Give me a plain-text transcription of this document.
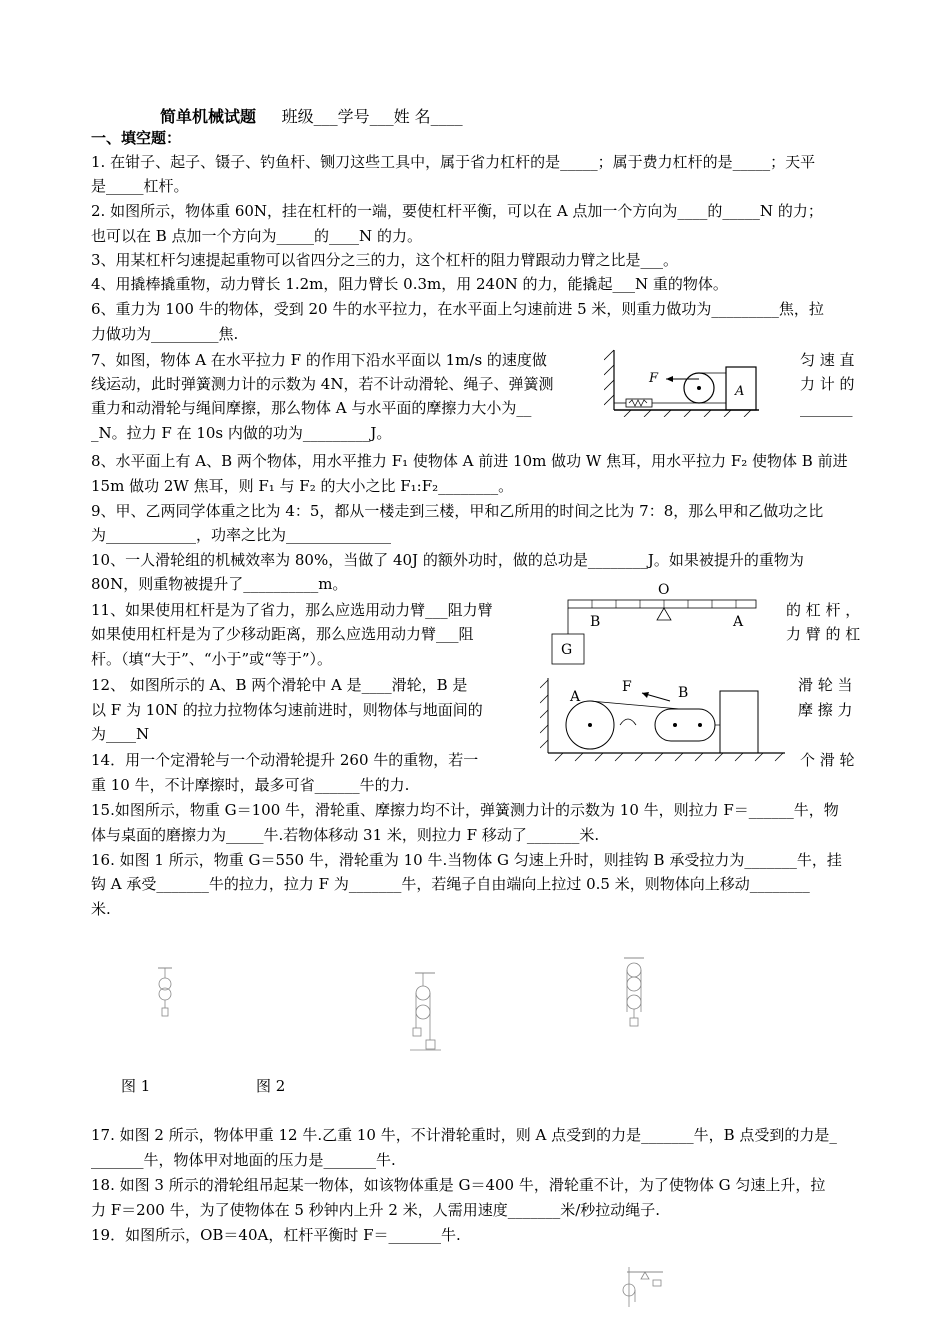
简单机械试题 班级___学号___姓 名____
一、填空题：
1. 在钳子、起子、镊子、钓鱼杆、铡刀这些工具中，属于省力杠杆的是_____；属于费力杠杆的是_____；天平
是_____杠杆。
2. 如图所示，物体重 60N，挂在杠杆的一端，要使杠杆平衡，可以在 A 点加一个方向为____的_____N 的力；
也可以在 B 点加一个方向为_____的____N 的力。
3、用某杠杆匀速提起重物可以省四分之三的力，这个杠杆的阻力臂跟动力臂之比是___。
4、用撬棒撬重物，动力臂长 1.2m，阻力臂长 0.3m，用 240N 的力，能撬起___N 重的物体。
6、重力为 100 牛的物体，受到 20 牛的水平拉力，在水平面上匀速前进 5 米，则重力做功为_________焦，拉
力做功为_________焦.
7、如图，物体 A 在水平拉力 F 的作用下沿水平面以 1m/s 的速度做
线运动，此时弹簧测力计的示数为 4N，若不计动滑轮、绳子、弹簧测
重力和动滑轮与绳间摩擦，那么物体 A 与水平面的摩擦力大小为__
_N。拉力 F 在 10s 内做的功为_________J。
匀 速 直
力 计 的
_______
A
F
8、水平面上有 A、B 两个物体，用水平推力 F₁ 使物体 A 前进 10m 做功 W 焦耳，用水平拉力 F₂ 使物体 B 前进
15m 做功 2W 焦耳，则 F₁ 与 F₂ 的大小之比 F₁:F₂________。
9、甲、乙两同学体重之比为 4：5，都从一楼走到三楼，甲和乙所用的时间之比为 7：8，那么甲和乙做功之比
为____________，功率之比为______________
10、一人滑轮组的机械效率为 80%，当做了 40J 的额外功时，做的总功是________J。如果被提升的重物为
80N，则重物被提升了__________m。
11、如果使用杠杆是为了省力，那么应选用动力臂___阻力臂
如果使用杠杆是为了少移动距离，那么应选用动力臂___阻
杆。（填“大于”、“小于”或“等于”）。
的 杠 杆 ，
力 臂 的 杠
O
B	A
G
12、 如图所示的 A、B 两个滑轮中 A 是____滑轮，B 是
以 F 为 10N 的拉力拉物体匀速前进时，则物体与地面间的
为____N
滑 轮 当
摩 擦 力
A
F	B
14．用一个定滑轮与一个动滑轮提升 260 牛的重物，若一
重 10 牛，不计摩擦时，最多可省______牛的力.
个 滑 轮
15.如图所示，物重 G＝100 牛，滑轮重、摩擦力均不计，弹簧测力计的示数为 10 牛，则拉力 F＝______牛，物
体与桌面的磨擦力为_____牛.若物体移动 31 米，则拉力 F 移动了_______米.
16. 如图 1 所示，物重 G＝550 牛，滑轮重为 10 牛.当物体 G 匀速上升时，则挂钩 B 承受拉力为_______牛，挂
钩 A 承受_______牛的拉力，拉力 F 为_______牛，若绳子自由端向上拉过 0.5 米，则物体向上移动________
米.
图 1	图 2
17. 如图 2 所示，物体甲重 12 牛.乙重 10 牛，不计滑轮重时，则 A 点受到的力是_______牛，B 点受到的力是_
_______牛，物体甲对地面的压力是_______牛.
18. 如图 3 所示的滑轮组吊起某一物体，如该物体重是 G＝400 牛，滑轮重不计，为了使物体 G 匀速上升，拉
力 F＝200 牛，为了使物体在 5 秒钟内上升 2 米，人需用速度_______米/秒拉动绳子.
19．如图所示，OB＝40A，杠杆平衡时 F＝_______牛.
